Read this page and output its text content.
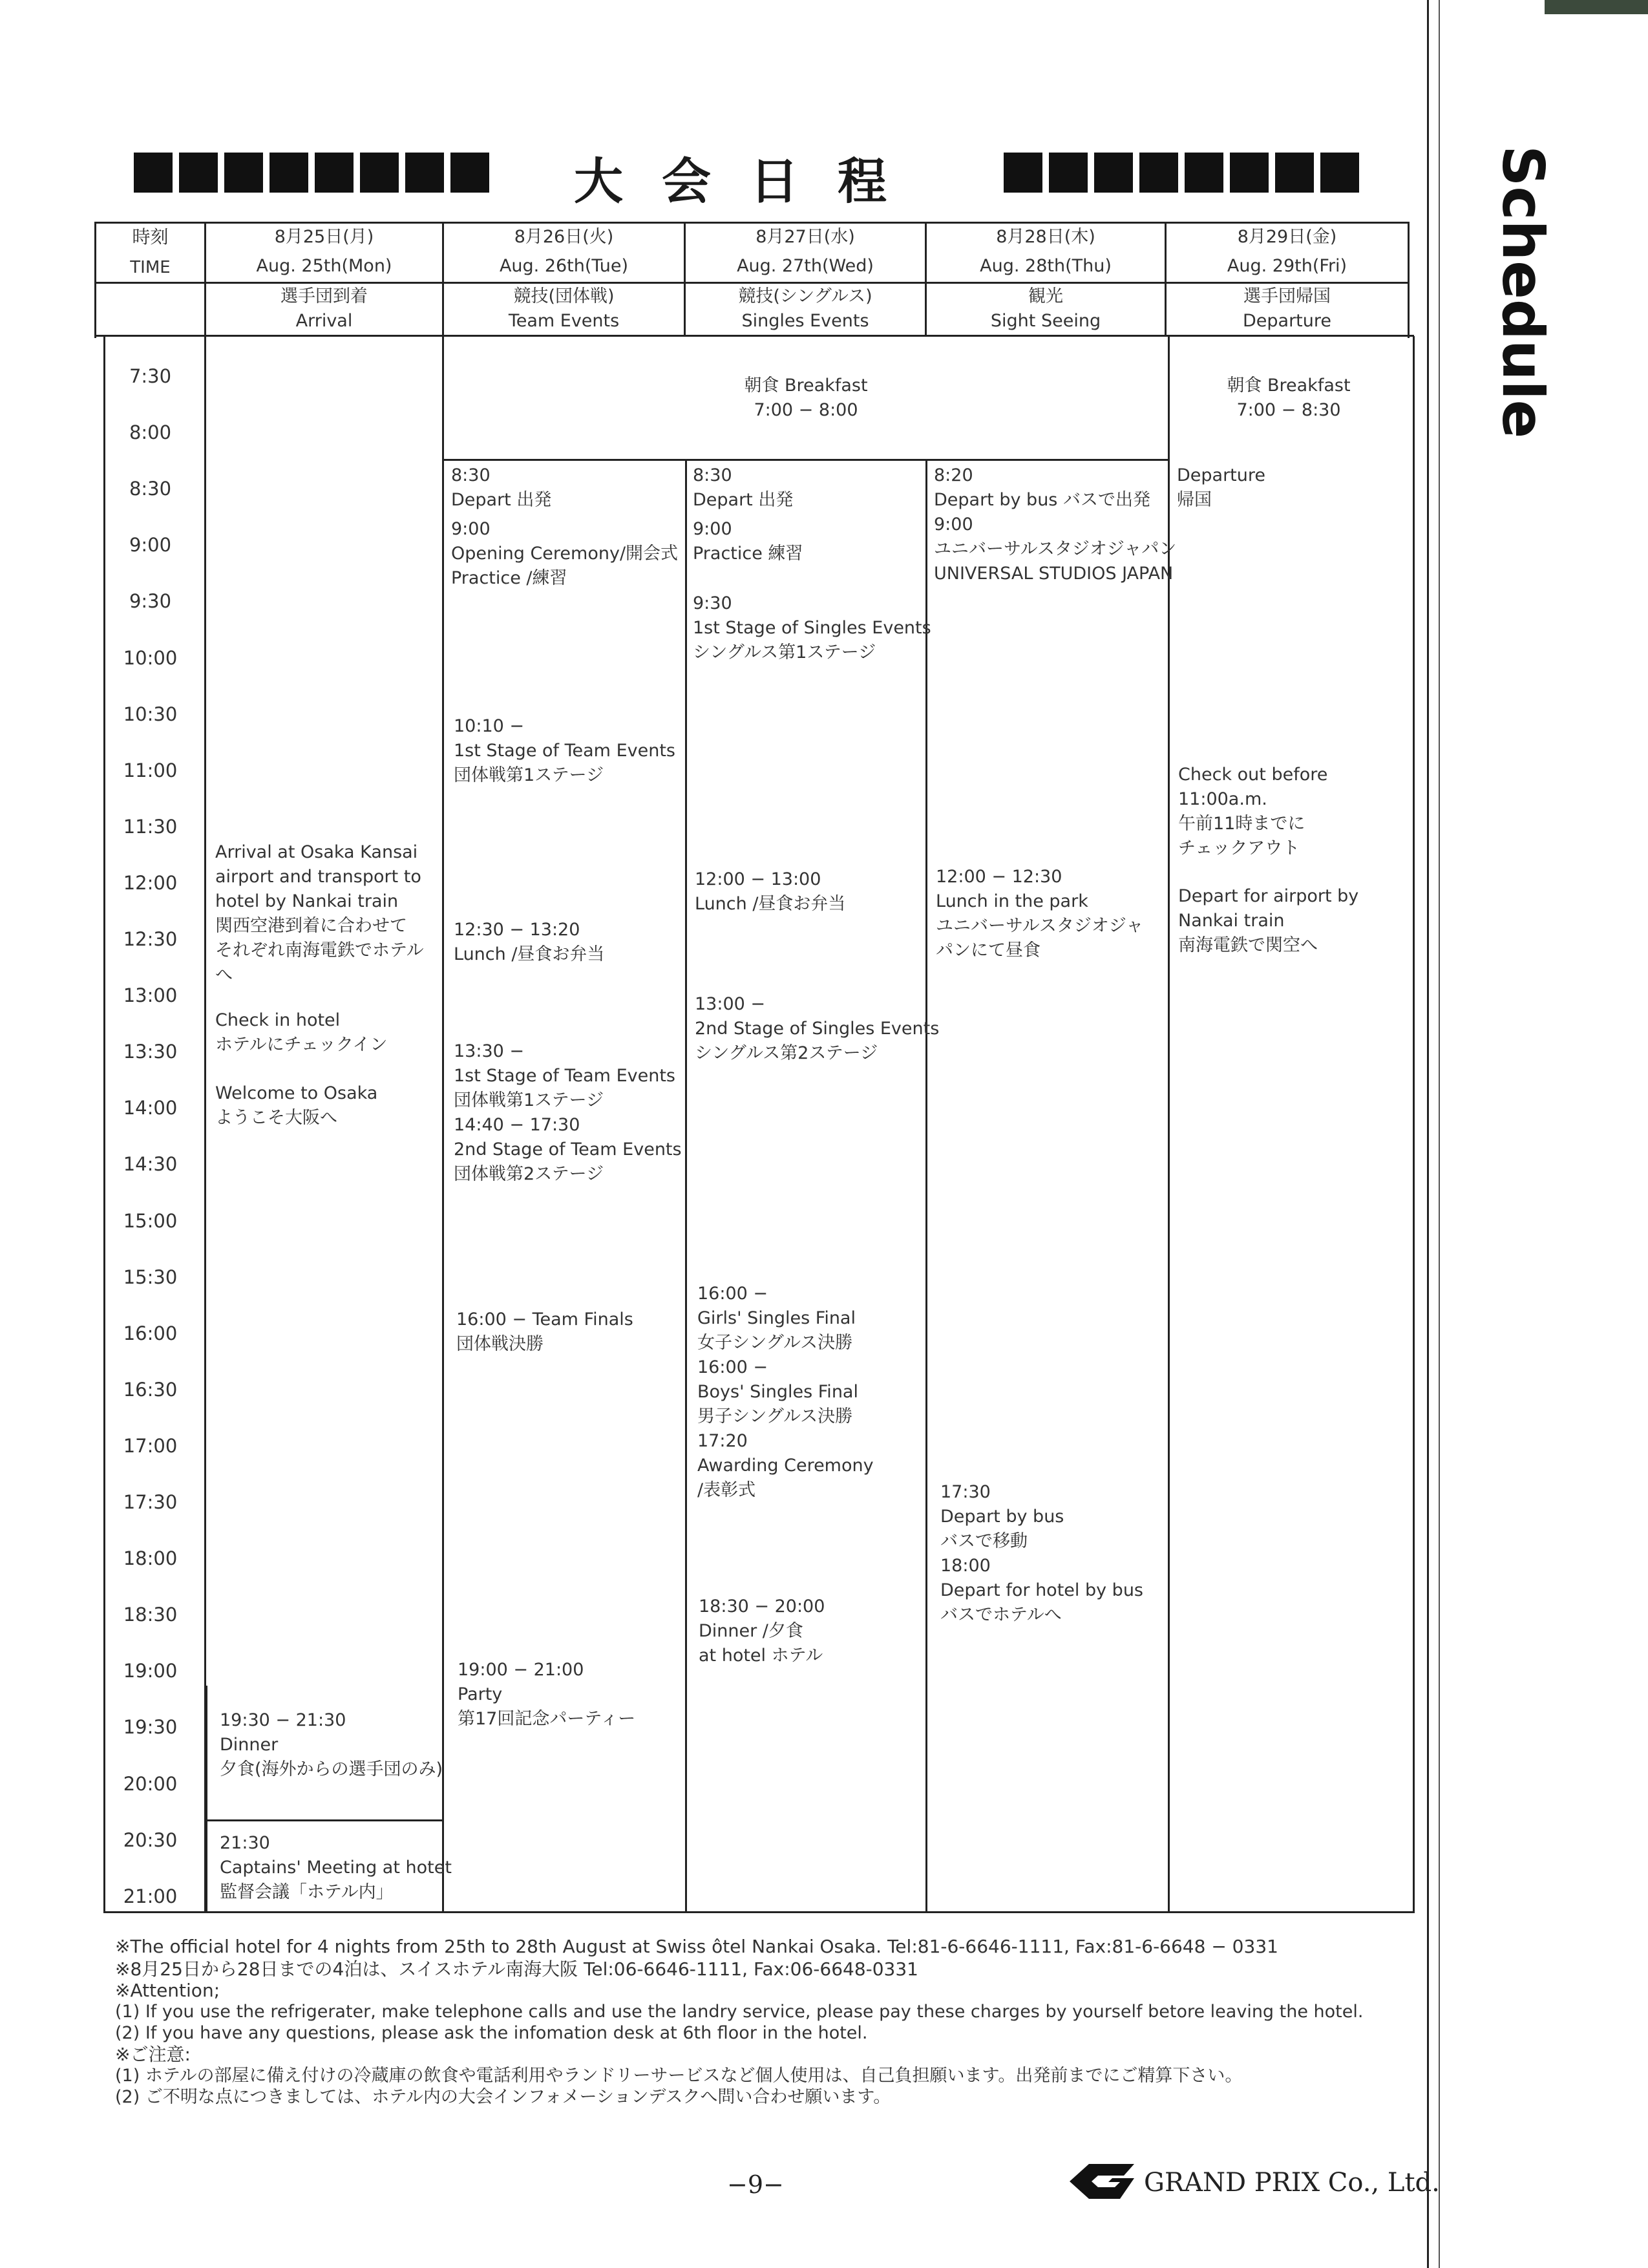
Schedule
大会日程
時刻
TIME
8月25日(月)
Aug. 25th(Mon)
選手団到着
Arrival
8月26日(火)
Aug. 26th(Tue)
競技(団体戦)
Team Events
8月27日(水)
Aug. 27th(Wed)
競技(シングルス)
Singles Events
8月28日(木)
Aug. 28th(Thu)
観光
Sight Seeing
8月29日(金)
Aug. 29th(Fri)
選手団帰国
Departure
7:30
8:00
8:30
9:00
9:30
10:00
10:30
11:00
11:30
12:00
12:30
13:00
13:30
14:00
14:30
15:00
15:30
16:00
16:30
17:00
17:30
18:00
18:30
19:00
19:30
20:00
20:30
21:00
朝食 Breakfast
7:00 − 8:00
朝食 Breakfast
7:00 − 8:30
Arrival at Osaka Kansai
airport and transport to
hotel by Nankai train
関西空港到着に合わせて
それぞれ南海電鉄でホテル
へ
Check in hotel
ホテルにチェックイン
Welcome to Osaka
ようこそ大阪へ
19:30 − 21:30
Dinner
夕食(海外からの選手団のみ)
21:30
Captains' Meeting at hotet
監督会議「ホテル内」
8:30
Depart 出発
9:00
Opening Ceremony/開会式
Practice /練習
10:10 −
1st Stage of Team Events
団体戦第1ステージ
12:30 − 13:20
Lunch /昼食お弁当
13:30 −
1st Stage of Team Events
団体戦第1ステージ
14:40 − 17:30
2nd Stage of Team Events
団体戦第2ステージ
16:00 − Team Finals
団体戦決勝
19:00 − 21:00
Party
第17回記念パーティー
8:30
Depart 出発
9:00
Practice 練習
9:30
1st Stage of Singles Events
シングルス第1ステージ
12:00 − 13:00
Lunch /昼食お弁当
13:00 −
2nd Stage of Singles Events
シングルス第2ステージ
16:00 −
Girls' Singles Final
女子シングルス決勝
16:00 −
Boys' Singles Final
男子シングルス決勝
17:20
Awarding Ceremony
/表彰式
18:30 − 20:00
Dinner /夕食
at hotel ホテル
8:20
Depart by bus バスで出発
9:00
ユニバーサルスタジオジャパン
UNIVERSAL STUDIOS JAPAN
12:00 − 12:30
Lunch in the park
ユニバーサルスタジオジャ
パンにて昼食
17:30
Depart by bus
バスで移動
18:00
Depart for hotel by bus
バスでホテルへ
Departure
帰国
Check out before
11:00a.m.
午前11時までに
チェックアウト
Depart for airport by
Nankai train
南海電鉄で関空へ
※The official hotel for 4 nights from 25th to 28th August at Swiss ôtel Nankai Osaka. Tel:81-6-6646-1111, Fax:81-6-6648 − 0331
※8月25日から28日までの4泊は、スイスホテル南海大阪 Tel:06-6646-1111, Fax:06-6648-0331
※Attention;
(1) If you use the refrigerater, make telephone calls and use the landry service, please pay these charges by yourself betore leaving the hotel.
(2) If you have any questions, please ask the infomation desk at 6th floor in the hotel.
※ご注意:
(1) ホテルの部屋に備え付けの冷蔵庫の飲食や電話利用やランドリーサービスなど個人使用は、自己負担願います。出発前までにご精算下さい。
(2) ご不明な点につきましては、ホテル内の大会インフォメーションデスクへ問い合わせ願います。
−9−	GRAND PRIX Co., Ltd.
